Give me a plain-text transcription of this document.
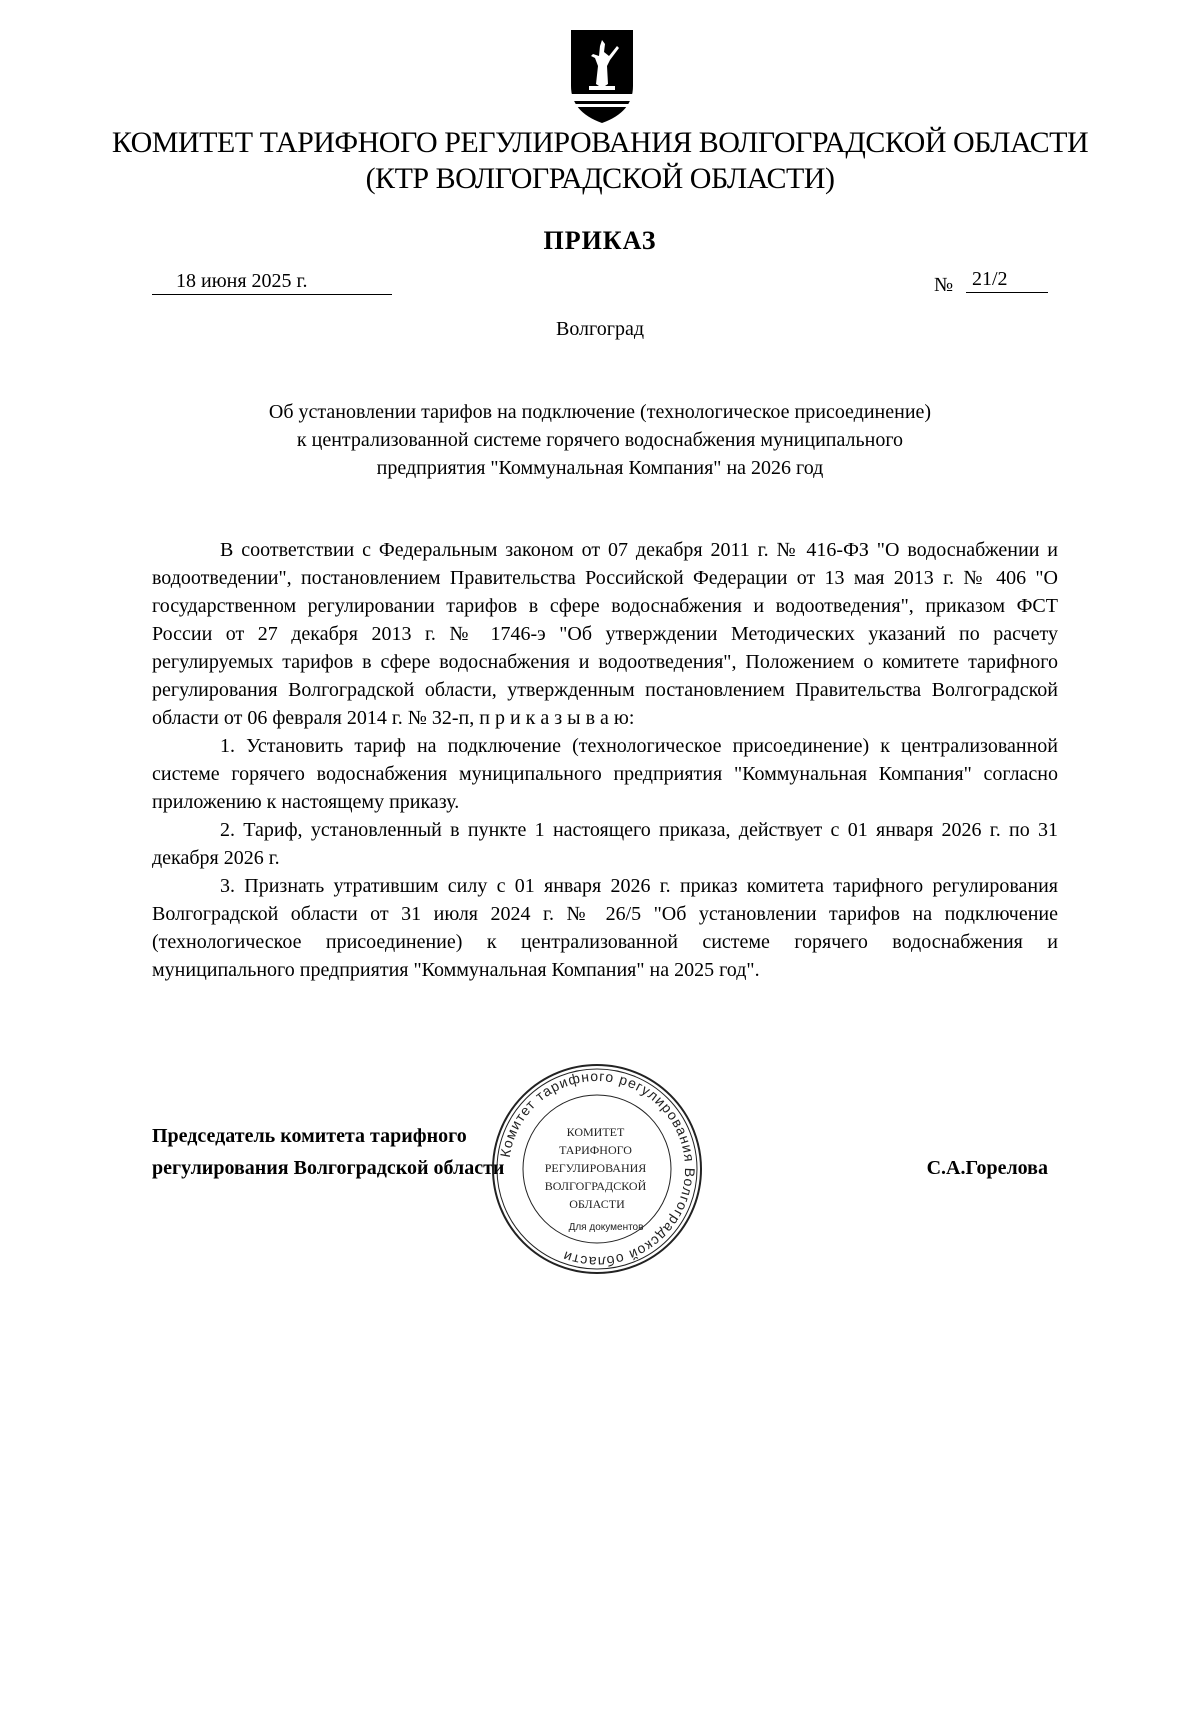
КОМИТЕТ ТАРИФНОГО РЕГУЛИРОВАНИЯ ВОЛГОГРАДСКОЙ ОБЛАСТИ
(КТР ВОЛГОГРАДСКОЙ ОБЛАСТИ)
ПРИКАЗ
18 июня 2025 г.	№ 21/2
Волгоград
Об установлении тарифов на подключение (технологическое присоединение)
к централизованной системе горячего водоснабжения муниципального
предприятия "Коммунальная Компания" на 2026 год

В соответствии с Федеральным законом от 07 декабря 2011 г. № 416-ФЗ "О водоснабжении и водоотведении", постановлением Правительства Российской Федерации от 13 мая 2013 г. № 406 "О государственном регулировании тарифов в сфере водоснабжения и водоотведения", приказом ФСТ России от 27 декабря 2013 г. № 1746-э "Об утверждении Методических указаний по расчету регулируемых тарифов в сфере водоснабжения и водоотведения", Положением о комитете тарифного регулирования Волгоградской области, утвержденным постановлением Правительства Волгоградской области от 06 февраля 2014 г. № 32-п, п р и к а з ы в а ю:

1. Установить тариф на подключение (технологическое присоединение) к централизованной системе горячего водоснабжения муниципального предприятия "Коммунальная Компания" согласно приложению к настоящему приказу.

2. Тариф, установленный в пункте 1 настоящего приказа, действует с 01 января 2026 г. по 31 декабря 2026 г.

3. Признать утратившим силу с 01 января 2026 г. приказ комитета тарифного регулирования Волгоградской области от 31 июля 2024 г. № 26/5 "Об установлении тарифов на подключение (технологическое присоединение) к централизованной системе горячего водоснабжения и муниципального предприятия "Коммунальная Компания" на 2025 год".

Председатель комитета тарифного
регулирования Волгоградской области	С.А.Горелова
Комитет тарифного регулирования Волгоградской области
КОМИТЕТ ТАРИФНОГО РЕГУЛИРОВАНИЯ ВОЛГОГРАДСКОЙ ОБЛАСТИ
Для документов
